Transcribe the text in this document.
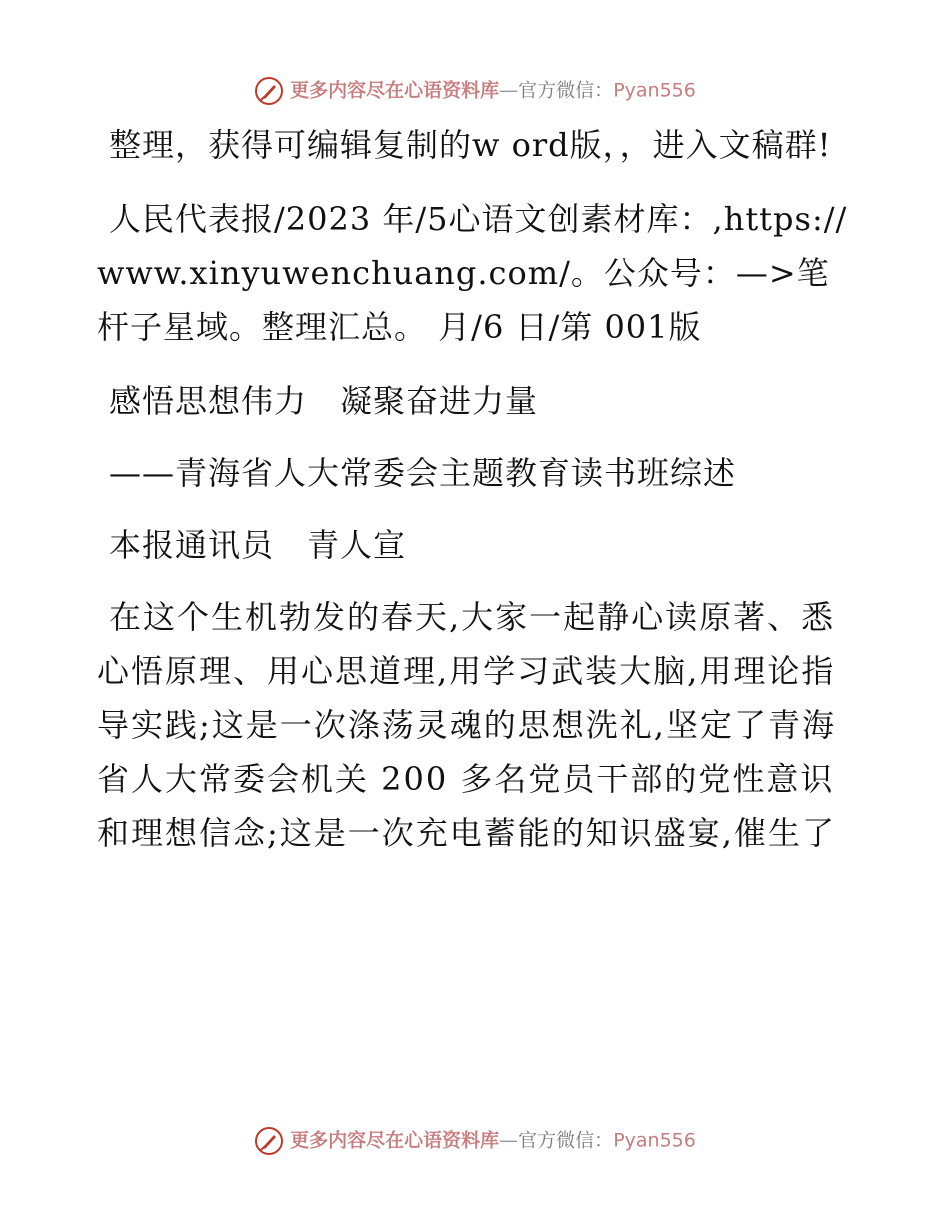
更多内容尽在心语资料库—官方微信：Pyan556

整理，获得可编辑复制的w ord版，，进入文稿群!

人民代表报/2023 年/5心语文创素材库：,https://www.xinyuwenchuang.com/。公众号：—>笔杆子星域。整理汇总。 月/6 日/第 001版

感悟思想伟力　凝聚奋进力量

——青海省人大常委会主题教育读书班综述

本报通讯员　青人宣

在这个生机勃发的春天,大家一起静心读原著、悉心悟原理、用心思道理,用学习武装大脑,用理论指导实践;这是一次涤荡灵魂的思想洗礼,坚定了青海省人大常委会机关 200 多名党员干部的党性意识和理想信念;这是一次充电蓄能的知识盛宴,催生了

更多内容尽在心语资料库—官方微信：Pyan556
